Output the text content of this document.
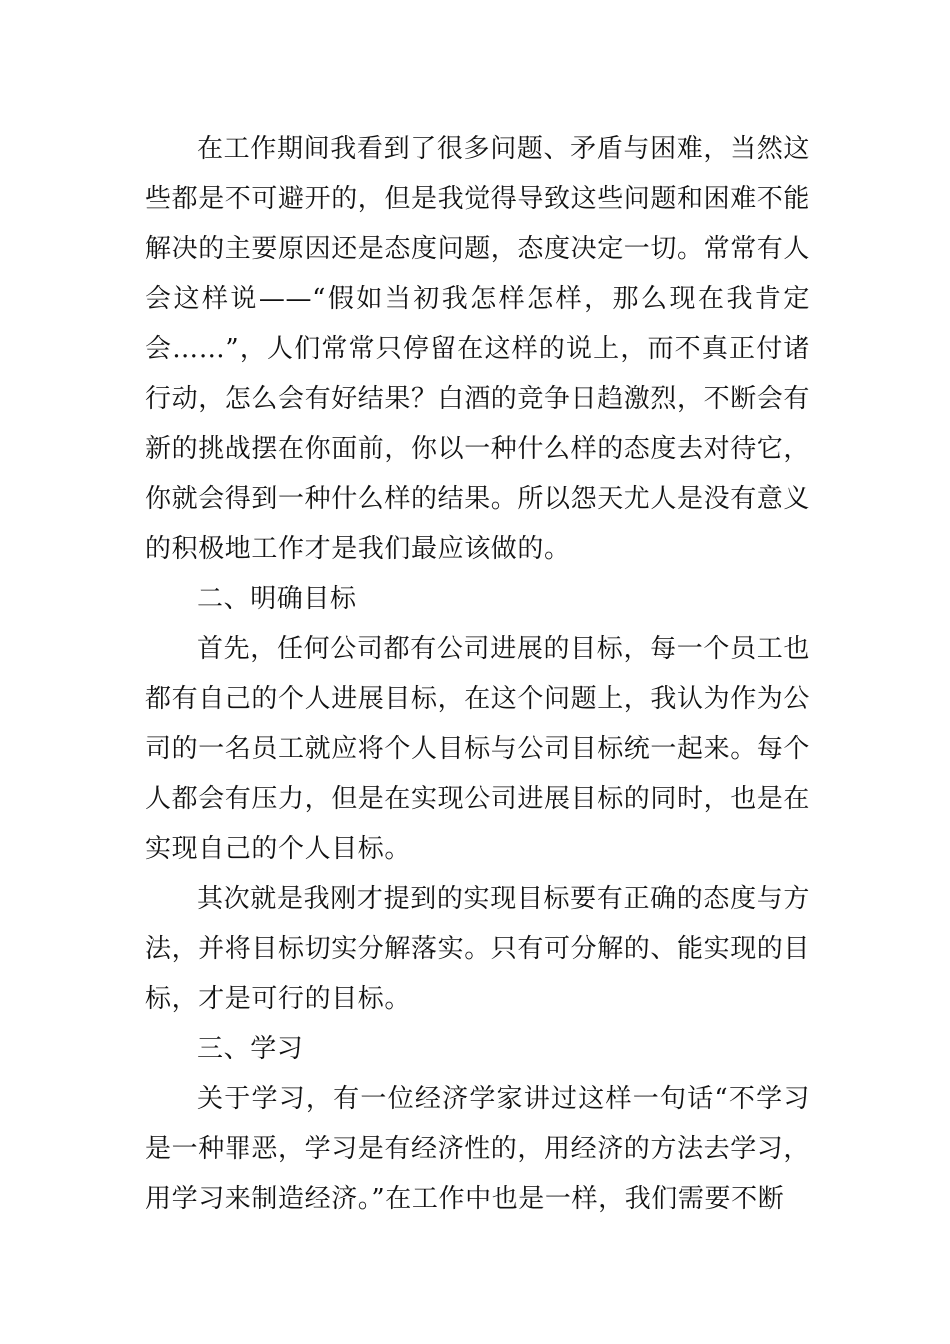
在工作期间我看到了很多问题、矛盾与困难，当然这些都是不可避开的，但是我觉得导致这些问题和困难不能解决的主要原因还是态度问题，态度决定一切。常常有人会这样说——“假如当初我怎样怎样，那么现在我肯定会……”，人们常常只停留在这样的说上，而不真正付诸行动，怎么会有好结果？白酒的竞争日趋激烈，不断会有新的挑战摆在你面前，你以一种什么样的态度去对待它，你就会得到一种什么样的结果。所以怨天尤人是没有意义的积极地工作才是我们最应该做的。

二、明确目标

首先，任何公司都有公司进展的目标，每一个员工也都有自己的个人进展目标，在这个问题上，我认为作为公司的一名员工就应将个人目标与公司目标统一起来。每个人都会有压力，但是在实现公司进展目标的同时，也是在实现自己的个人目标。

其次就是我刚才提到的实现目标要有正确的态度与方法，并将目标切实分解落实。只有可分解的、能实现的目标，才是可行的目标。

三、学习

关于学习，有一位经济学家讲过这样一句话“不学习是一种罪恶，学习是有经济性的，用经济的方法去学习，用学习来制造经济。”在工作中也是一样，我们需要不断
